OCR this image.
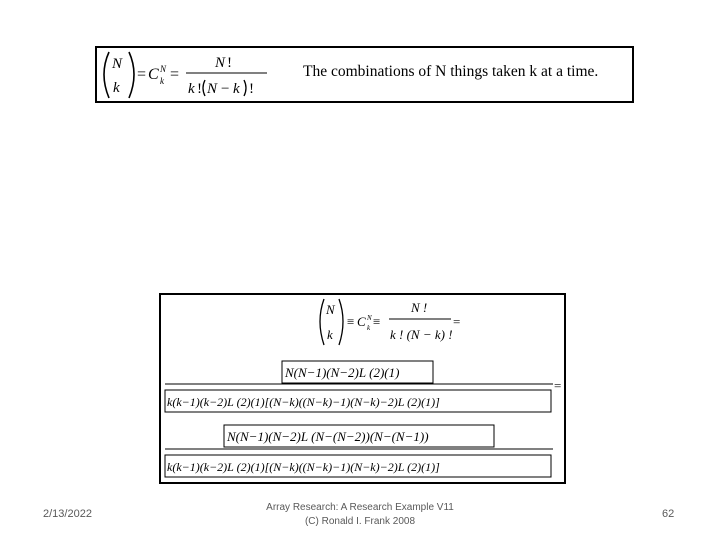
N
k
= C N
k =
N !
k ! N − k !
The combinations of N things taken k at a time.
N
k
≡ C N
k ≡
N !
k ! (N − k) !
=
N(N−1)(N−2)L (2)(1)
k(k−1)(k−2)L (2)(1)[(N−k)((N−k)−1)(N−k)−2)L (2)(1)]
=
N(N−1)(N−2)L (N−(N−2))(N−(N−1))
k(k−1)(k−2)L (2)(1)[(N−k)((N−k)−1)(N−k)−2)L (2)(1)]
2/13/2022
Array Research: A Research Example V11
(C) Ronald I. Frank 2008
62
